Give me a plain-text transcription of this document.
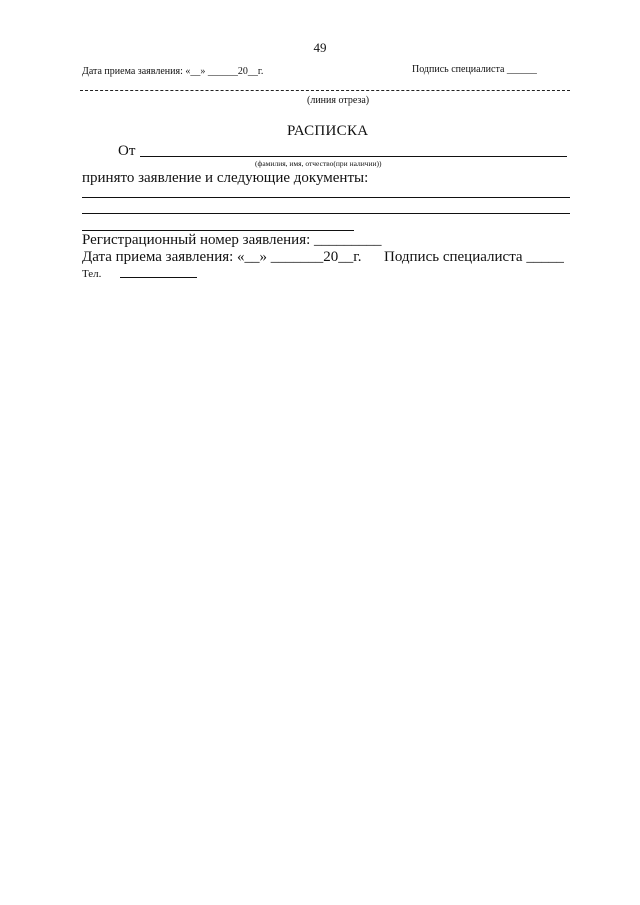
49
Дата приема заявления: «__» ______20__г.	Подпись специалиста ______
(линия отреза)
РАСПИСКА
От
(фамилия, имя, отчество(при наличии))
принято заявление и следующие документы:
Регистрационный номер заявления: _________
Дата приема заявления: «__» _______20__г. Подпись специалиста _____
Тел.
